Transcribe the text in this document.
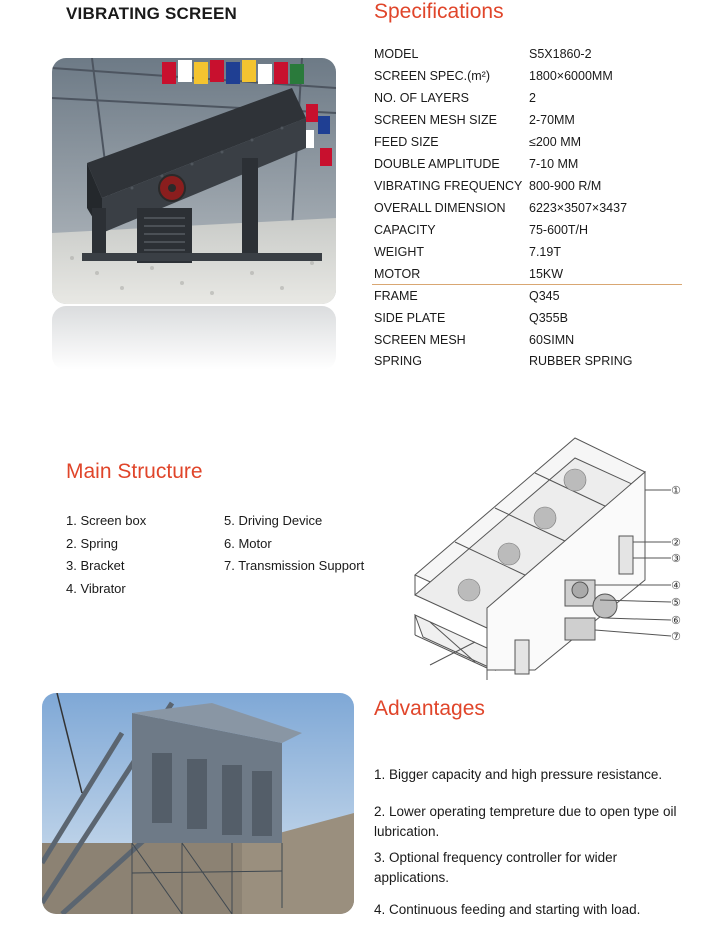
VIBRATING SCREEN	Specifications
MODEL	S5X1860-2
SCREEN SPEC.(m²)	1800×6000MM
NO. OF LAYERS	2
SCREEN MESH SIZE	2-70MM
FEED SIZE	≤200 MM
DOUBLE AMPLITUDE 7-10 MM
VIBRATING FREQUENCY 800-900 R/M
OVERALL DIMENSION 6223×3507×3437
CAPACITY	75-600T/H
WEIGHT	7.19T
MOTOR	15KW
FRAME	Q345
SIDE PLATE	Q355B
SCREEN MESH	60SIMN
SPRING	RUBBER SPRING
Main Structure
1. Screen box
2. Spring
3. Bracket
4. Vibrator
5. Driving Device
6. Motor
7. Transmission Support
①
②
③
④
⑤
⑥
⑦
Advantages
1. Bigger capacity and high pressure resistance.
2. Lower operating tempreture due to open type oil lubrication.
3. Optional frequency controller for wider applications.
4. Continuous feeding and starting with load.
